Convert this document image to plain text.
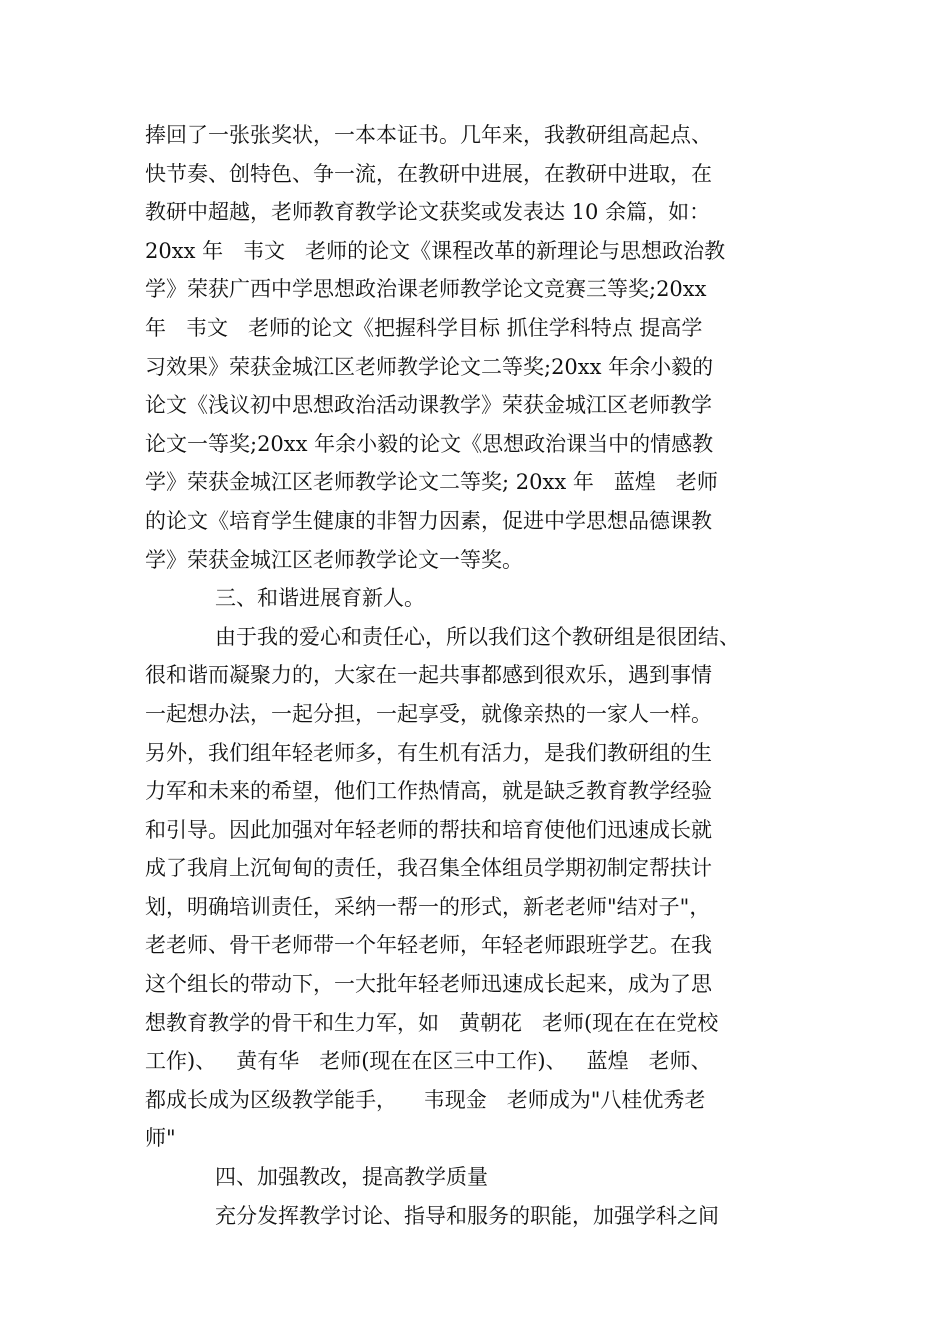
捧回了一张张奖状，一本本证书。几年来，我教研组高起点、
快节奏、创特色、争一流，在教研中进展，在教研中进取，在
教研中超越，老师教育教学论文获奖或发表达 10 余篇，如：
20xx 年   韦文   老师的论文《课程改革的新理论与思想政治教
学》荣获广西中学思想政治课老师教学论文竞赛三等奖;20xx
年   韦文   老师的论文《把握科学目标 抓住学科特点 提高学
习效果》荣获金城江区老师教学论文二等奖;20xx 年余小毅的
论文《浅议初中思想政治活动课教学》荣获金城江区老师教学
论文一等奖;20xx 年余小毅的论文《思想政治课当中的情感教
学》荣获金城江区老师教学论文二等奖; 20xx 年   蓝煌   老师
的论文《培育学生健康的非智力因素，促进中学思想品德课教
学》荣获金城江区老师教学论文一等奖。
三、和谐进展育新人。
由于我的爱心和责任心，所以我们这个教研组是很团结、
很和谐而凝聚力的，大家在一起共事都感到很欢乐，遇到事情
一起想办法，一起分担，一起享受，就像亲热的一家人一样。
另外，我们组年轻老师多，有生机有活力，是我们教研组的生
力军和未来的希望，他们工作热情高，就是缺乏教育教学经验
和引导。因此加强对年轻老师的帮扶和培育使他们迅速成长就
成了我肩上沉甸甸的责任，我召集全体组员学期初制定帮扶计
划，明确培训责任，采纳一帮一的形式，新老老师"结对子"，
老老师、骨干老师带一个年轻老师，年轻老师跟班学艺。在我
这个组长的带动下，一大批年轻老师迅速成长起来，成为了思
想教育教学的骨干和生力军，如   黄朝花   老师(现在在在党校
工作)、   黄有华   老师(现在在区三中工作)、   蓝煌   老师、
都成长成为区级教学能手，    韦现金   老师成为"八桂优秀老
师"
四、加强教改，提高教学质量
充分发挥教学讨论、指导和服务的职能，加强学科之间
